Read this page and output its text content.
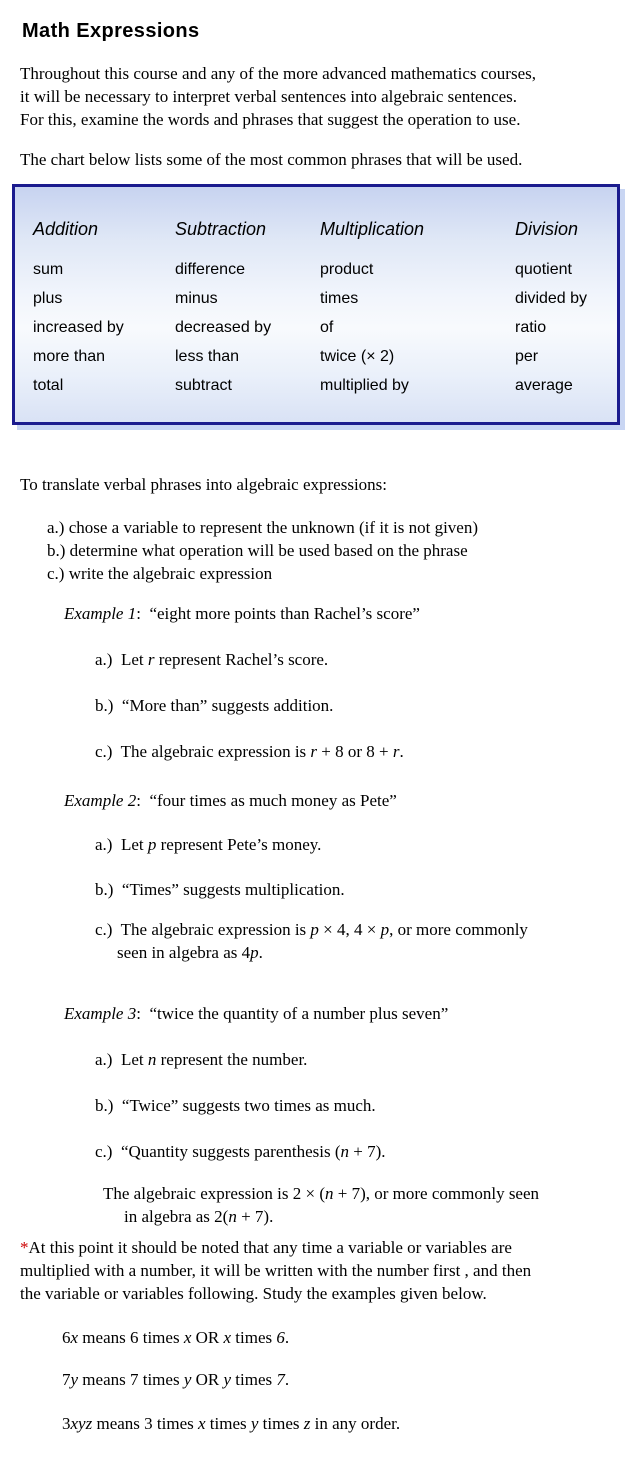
Math Expressions
Throughout this course and any of the more advanced mathematics courses,
it will be necessary to interpret verbal sentences into algebraic sentences.
For this, examine the words and phrases that suggest the operation to use.
The chart below lists some of the most common phrases that will be used.
Addition
sum
plus
increased by
more than
total
Subtraction
difference
minus
decreased by
less than
subtract
Multiplication
product
times
of
twice (× 2)
multiplied by
Division
quotient
divided by
ratio
per
average
To translate verbal phrases into algebraic expressions:
a.) chose a variable to represent the unknown (if it is not given)
b.) determine what operation will be used based on the phrase
c.) write the algebraic expression
Example 1:  “eight more points than Rachel’s score”
a.)  Let r represent Rachel’s score.
b.)  “More than” suggests addition.
c.)  The algebraic expression is r + 8 or 8 + r.
Example 2:  “four times as much money as Pete”
a.)  Let p represent Pete’s money.
b.)  “Times” suggests multiplication.
c.)  The algebraic expression is p × 4, 4 × p, or more commonly
seen in algebra as 4p.
Example 3:  “twice the quantity of a number plus seven”
a.)  Let n represent the number.
b.)  “Twice” suggests two times as much.
c.)  “Quantity suggests parenthesis (n + 7).
The algebraic expression is 2 × (n + 7), or more commonly seen
in algebra as 2(n + 7).
*At this point it should be noted that any time a variable or variables are
multiplied with a number, it will be written with the number first , and then
the variable or variables following. Study the examples given below.
6x means 6 times x OR x times 6.
7y means 7 times y OR y times 7.
3xyz means 3 times x times y times z in any order.
